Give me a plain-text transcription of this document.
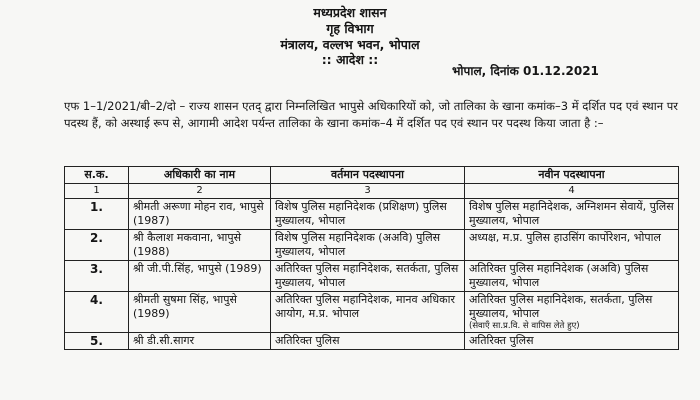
मध्यप्रदेश शासन

गृह विभाग

मंत्रालय, वल्लभ भवन, भोपाल

:: आदेश ::

भोपाल, दिनांक 01.12.2021
एफ 1–1/2021/बी–2/दो – राज्य शासन एतद् द्वारा निम्नलिखित भापुसे अधिकारियों को, जो तालिका के खाना कमांक–3 में दर्शित पद एवं स्थान पर पदस्थ हैं, को अस्थाई रूप से, आगामी आदेश पर्यन्त तालिका के खाना कमांक–4 में दर्शित पद एवं स्थान पर पदस्थ किया जाता है :–
स.क.	अधिकारी का नाम	वर्तमान पदस्थापना	नवीन पदस्थापना
1	2	3	4
1.	श्रीमती अरूणा मोहन राव, भापुसे (1987)	विशेष पुलिस महानिदेशक (प्रशिक्षण) पुलिस मुख्यालय, भोपाल	विशेष पुलिस महानिदेशक, अग्निशमन सेवायें, पुलिस मुख्यालय, भोपाल
2.	श्री कैलाश मकवाना, भापुसे (1988)	विशेष पुलिस महानिदेशक (अअवि) पुलिस मुख्यालय, भोपाल	अध्यक्ष, म.प्र. पुलिस हाउसिंग कार्पोरेशन, भोपाल
3.	श्री जी.पी.सिंह, भापुसे (1989)	अतिरिक्त पुलिस महानिदेशक, सतर्कता, पुलिस मुख्यालय, भोपाल	अतिरिक्त पुलिस महानिदेशक (अअवि) पुलिस मुख्यालय, भोपाल
4.	श्रीमती सुषमा सिंह, भापुसे (1989)	अतिरिक्त पुलिस महानिदेशक, मानव अधिकार आयोग, म.प्र. भोपाल	अतिरिक्त पुलिस महानिदेशक, सतर्कता, पुलिस मुख्यालय, भोपाल
(सेवाऍं सा.प्र.वि. से वापिस लेते हुए)

5.	श्री डी.सी.सागर	अतिरिक्त पुलिस	अतिरिक्त पुलिस
